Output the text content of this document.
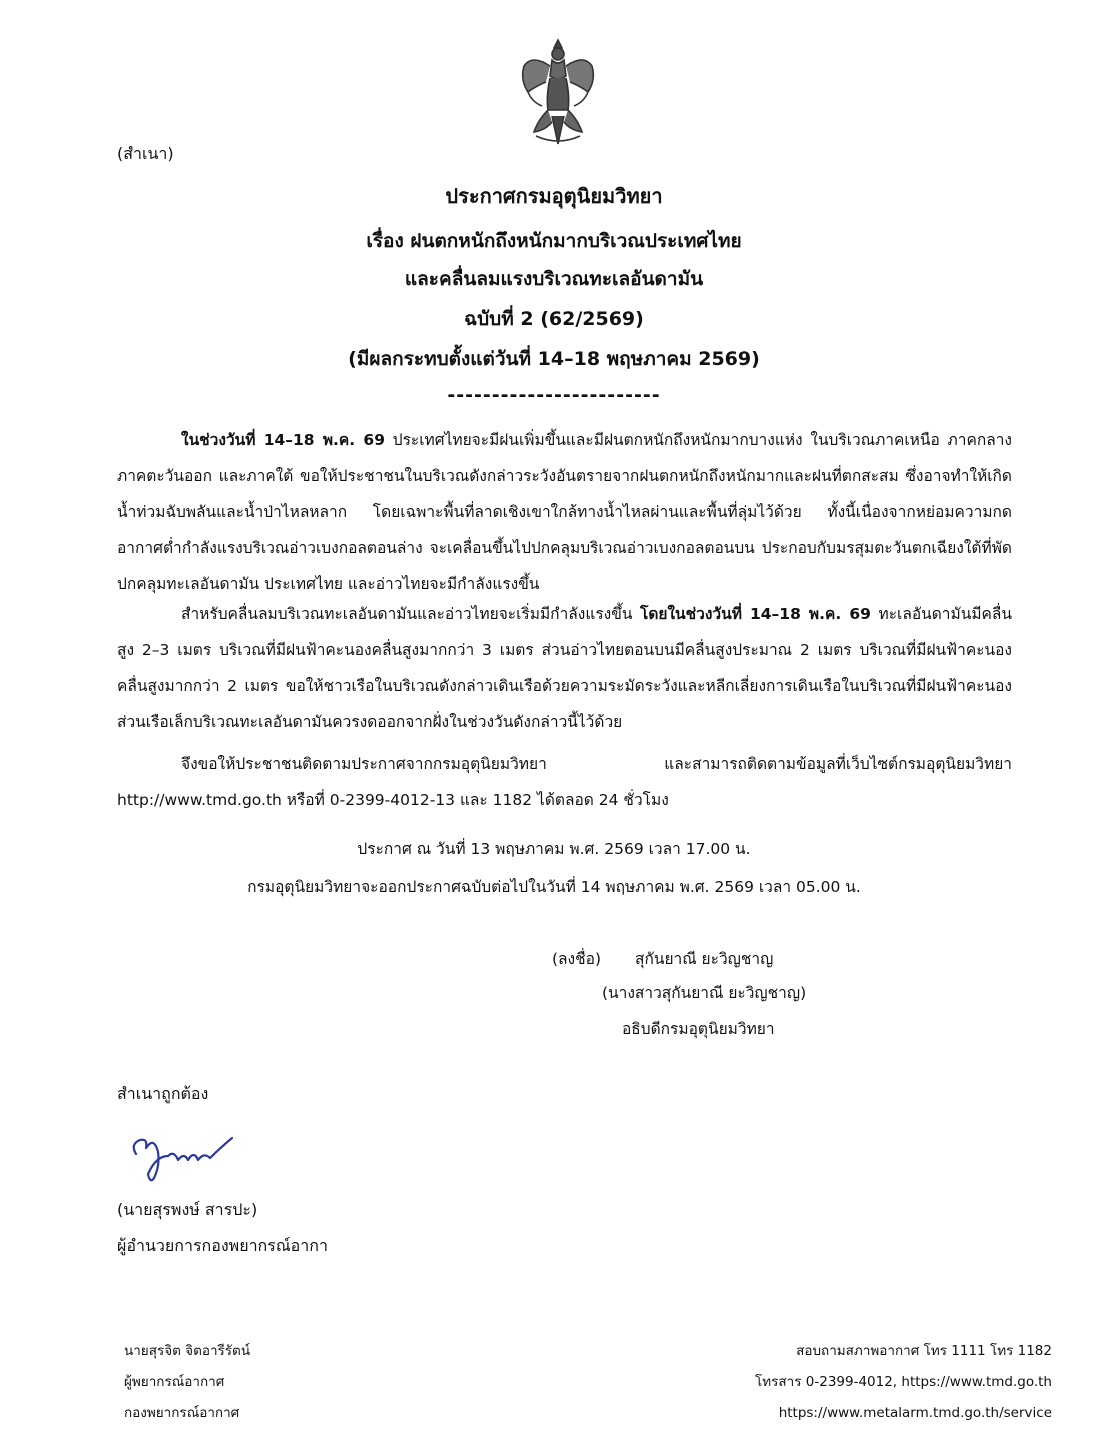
(สำเนา)
ประกาศกรมอุตุนิยมวิทยา
เรื่อง ฝนตกหนักถึงหนักมากบริเวณประเทศไทย
และคลื่นลมแรงบริเวณทะเลอันดามัน
ฉบับที่ 2 (62/2569)
(มีผลกระทบตั้งแต่วันที่ 14–18 พฤษภาคม 2569)
------------------------
ในช่วงวันที่ 14–18 พ.ค. 69 ประเทศไทยจะมีฝนเพิ่มขึ้นและมีฝนตกหนักถึงหนักมากบางแห่ง ในบริเวณภาคเหนือ ภาคกลาง ภาคตะวันออก และภาคใต้ ขอให้ประชาชนในบริเวณดังกล่าวระวังอันตรายจากฝนตกหนักถึงหนักมากและฝนที่ตกสะสม ซึ่งอาจทำให้เกิดน้ำท่วมฉับพลันและน้ำป่าไหลหลาก โดยเฉพาะพื้นที่ลาดเชิงเขาใกล้ทางน้ำไหลผ่านและพื้นที่ลุ่มไว้ด้วย ทั้งนี้เนื่องจากหย่อมความกดอากาศต่ำกำลังแรงบริเวณอ่าวเบงกอลตอนล่าง จะเคลื่อนขึ้นไปปกคลุมบริเวณอ่าวเบงกอลตอนบน ประกอบกับมรสุมตะวันตกเฉียงใต้ที่พัดปกคลุมทะเลอันดามัน ประเทศไทย และอ่าวไทยจะมีกำลังแรงขึ้น
สำหรับคลื่นลมบริเวณทะเลอันดามันและอ่าวไทยจะเริ่มมีกำลังแรงขึ้น โดยในช่วงวันที่ 14–18 พ.ค. 69 ทะเลอันดามันมีคลื่นสูง 2–3 เมตร บริเวณที่มีฝนฟ้าคะนองคลื่นสูงมากกว่า 3 เมตร ส่วนอ่าวไทยตอนบนมีคลื่นสูงประมาณ 2 เมตร บริเวณที่มีฝนฟ้าคะนองคลื่นสูงมากกว่า 2 เมตร ขอให้ชาวเรือในบริเวณดังกล่าวเดินเรือด้วยความระมัดระวังและหลีกเลี่ยงการเดินเรือในบริเวณที่มีฝนฟ้าคะนอง ส่วนเรือเล็กบริเวณทะเลอันดามันควรงดออกจากฝั่งในช่วงวันดังกล่าวนี้ไว้ด้วย
จึงขอให้ประชาชนติดตามประกาศจากกรมอุตุนิยมวิทยา และสามารถติดตามข้อมูลที่เว็บไซต์กรมอุตุนิยมวิทยา http://www.tmd.go.th หรือที่ 0-2399-4012-13 และ 1182 ได้ตลอด 24 ชั่วโมง
ประกาศ ณ วันที่ 13 พฤษภาคม พ.ศ. 2569 เวลา 17.00 น.
กรมอุตุนิยมวิทยาจะออกประกาศฉบับต่อไปในวันที่ 14 พฤษภาคม พ.ศ. 2569 เวลา 05.00 น.
(ลงชื่อ) สุกันยาณี ยะวิญชาญ
(นางสาวสุกันยาณี ยะวิญชาญ)
อธิบดีกรมอุตุนิยมวิทยา
สำเนาถูกต้อง
(นายสุรพงษ์ สารปะ)
ผู้อำนวยการกองพยากรณ์อากา
นายสุรจิต จิตอารีรัตน์
ผู้พยากรณ์อากาศ
กองพยากรณ์อากาศ
สอบถามสภาพอากาศ โทร 1111 โทร 1182
โทรสาร 0-2399-4012, https://www.tmd.go.th
https://www.metalarm.tmd.go.th/service
